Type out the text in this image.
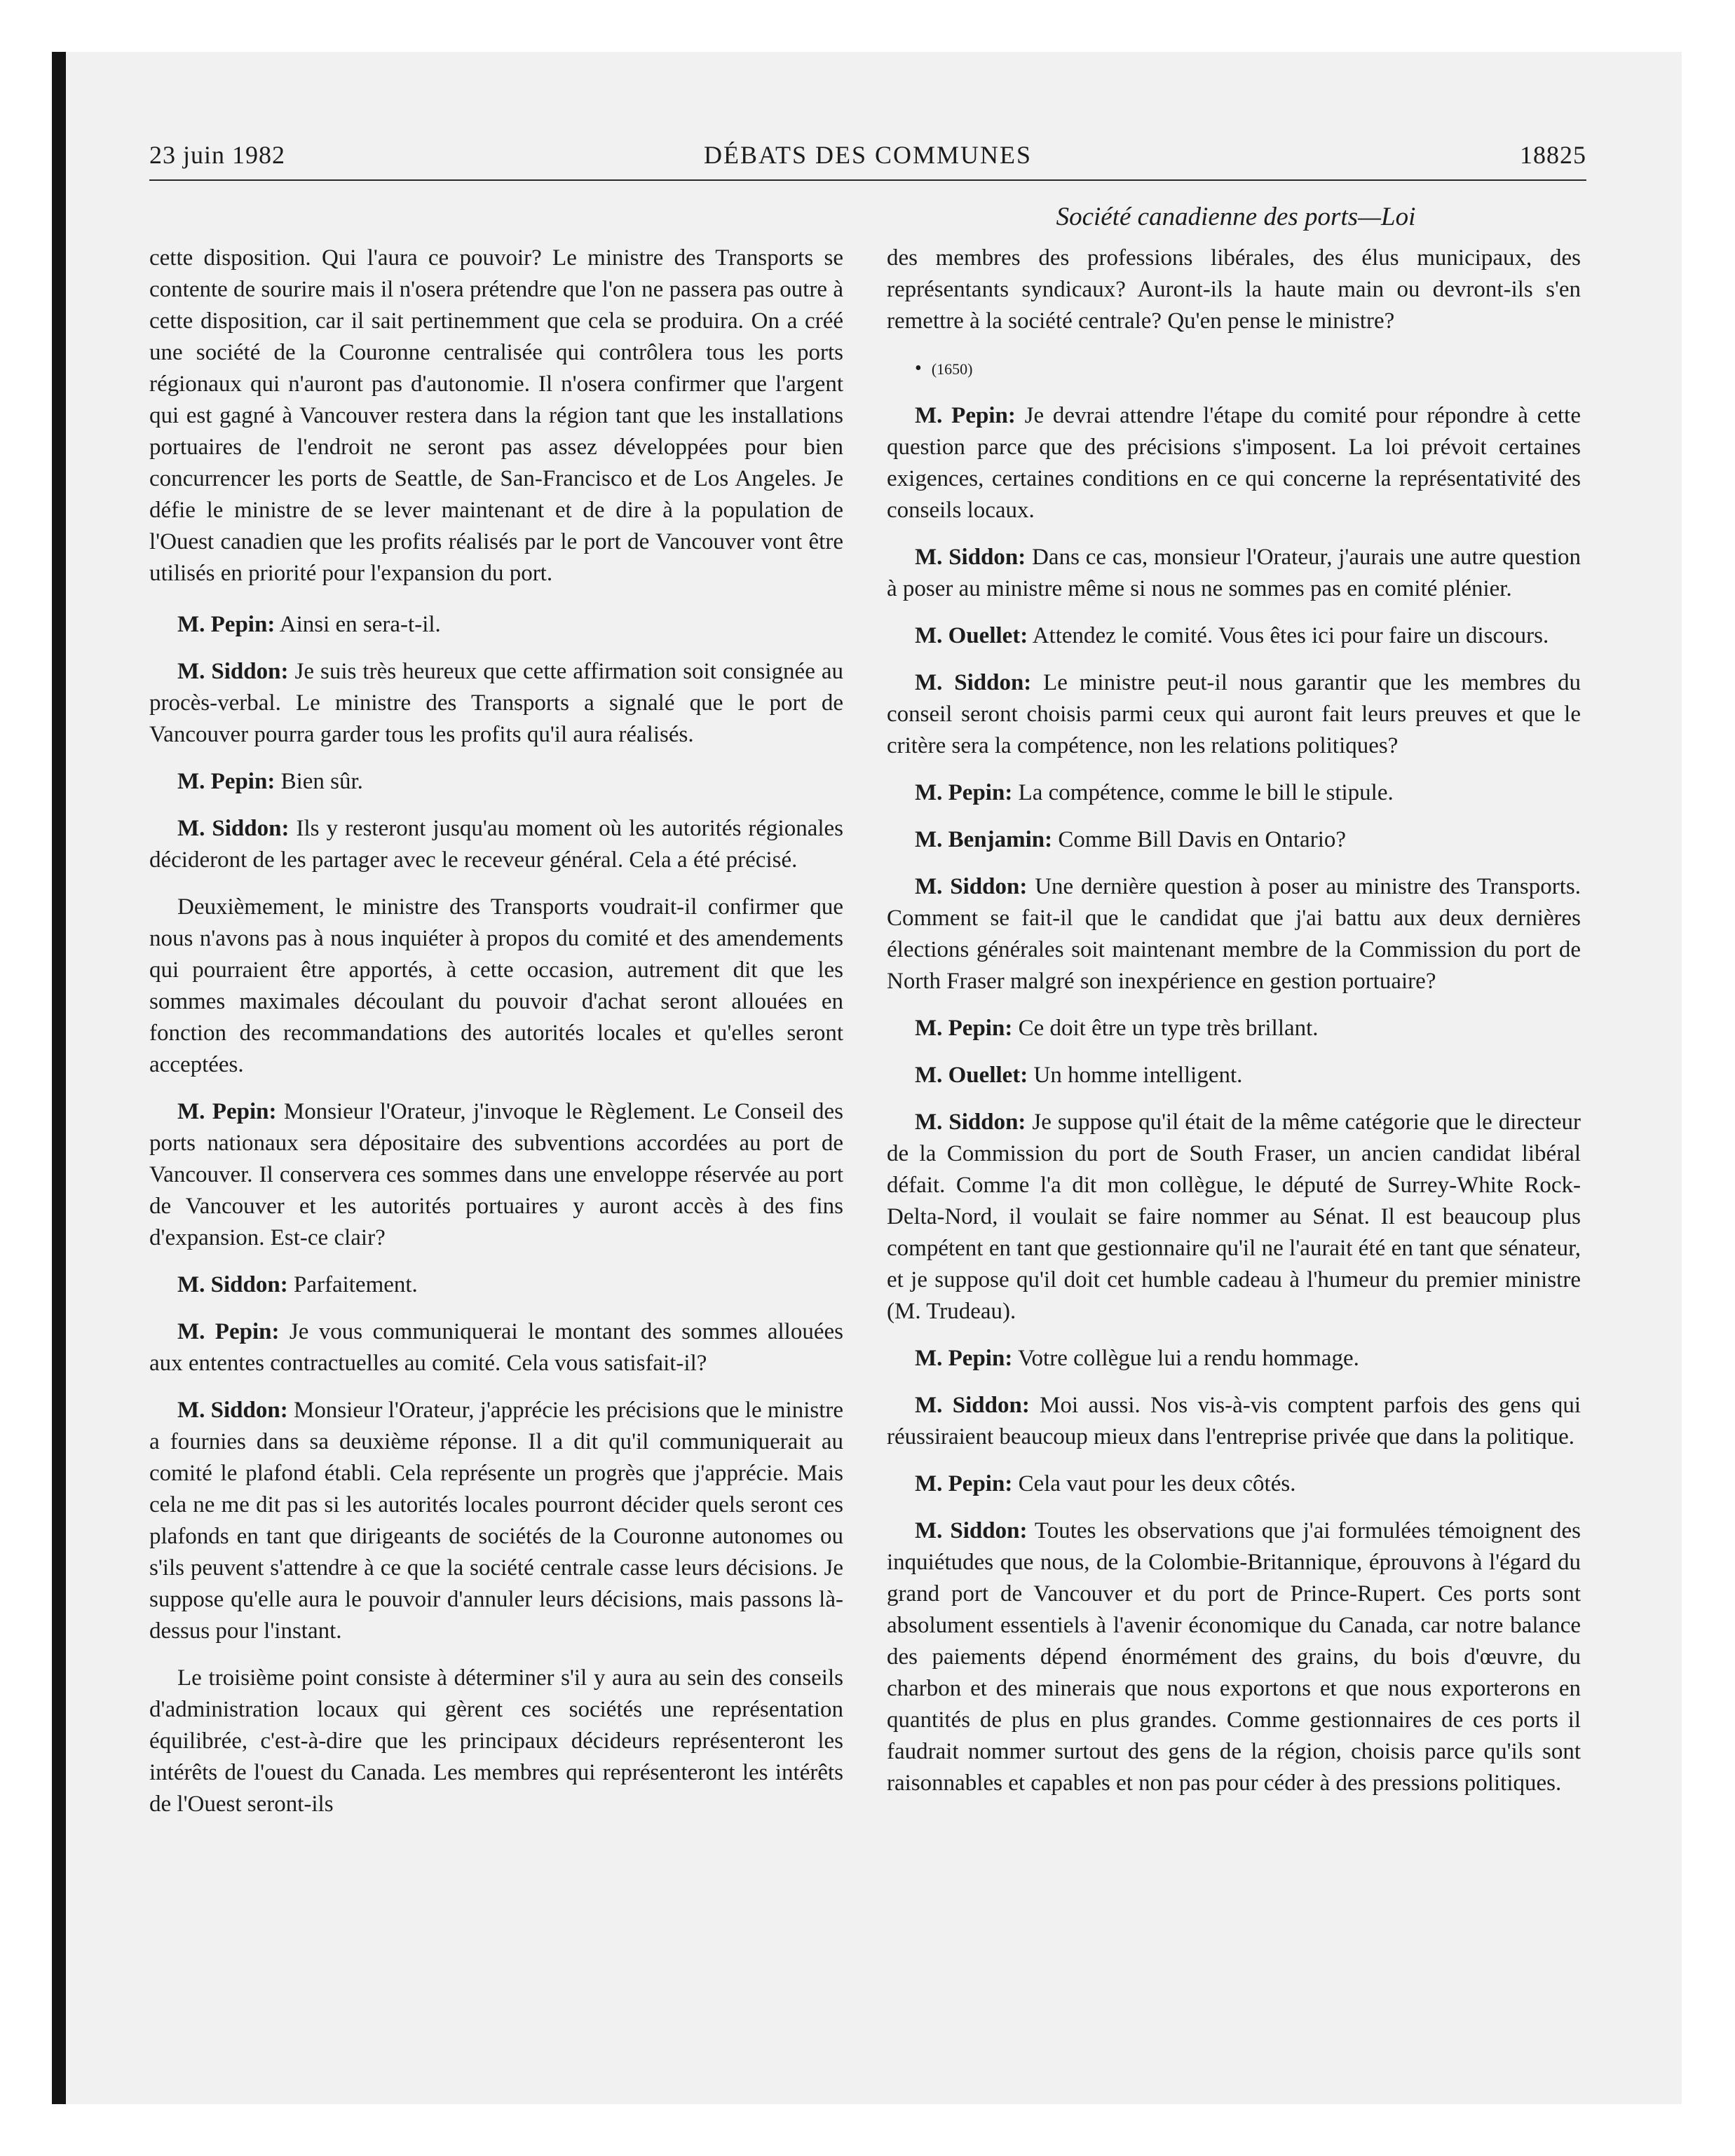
23 juin 1982	DÉBATS DES COMMUNES	18825
Société canadienne des ports—Loi

cette disposition. Qui l'aura ce pouvoir? Le ministre des Transports se contente de sourire mais il n'osera prétendre que l'on ne passera pas outre à cette disposition, car il sait pertinemment que cela se produira. On a créé une société de la Couronne centralisée qui contrôlera tous les ports régionaux qui n'auront pas d'autonomie. Il n'osera confirmer que l'argent qui est gagné à Vancouver restera dans la région tant que les installations portuaires de l'endroit ne seront pas assez développées pour bien concurrencer les ports de Seattle, de San-Francisco et de Los Angeles. Je défie le ministre de se lever maintenant et de dire à la population de l'Ouest canadien que les profits réalisés par le port de Vancouver vont être utilisés en priorité pour l'expansion du port.

M. Pepin: Ainsi en sera-t-il.

M. Siddon: Je suis très heureux que cette affirmation soit consignée au procès-verbal. Le ministre des Transports a signalé que le port de Vancouver pourra garder tous les profits qu'il aura réalisés.

M. Pepin: Bien sûr.

M. Siddon: Ils y resteront jusqu'au moment où les autorités régionales décideront de les partager avec le receveur général. Cela a été précisé.

Deuxièmement, le ministre des Transports voudrait-il confirmer que nous n'avons pas à nous inquiéter à propos du comité et des amendements qui pourraient être apportés, à cette occasion, autrement dit que les sommes maximales découlant du pouvoir d'achat seront allouées en fonction des recommandations des autorités locales et qu'elles seront acceptées.

M. Pepin: Monsieur l'Orateur, j'invoque le Règlement. Le Conseil des ports nationaux sera dépositaire des subventions accordées au port de Vancouver. Il conservera ces sommes dans une enveloppe réservée au port de Vancouver et les autorités portuaires y auront accès à des fins d'expansion. Est-ce clair?

M. Siddon: Parfaitement.

M. Pepin: Je vous communiquerai le montant des sommes allouées aux ententes contractuelles au comité. Cela vous satisfait-il?

M. Siddon: Monsieur l'Orateur, j'apprécie les précisions que le ministre a fournies dans sa deuxième réponse. Il a dit qu'il communiquerait au comité le plafond établi. Cela représente un progrès que j'apprécie. Mais cela ne me dit pas si les autorités locales pourront décider quels seront ces plafonds en tant que dirigeants de sociétés de la Couronne autonomes ou s'ils peuvent s'attendre à ce que la société centrale casse leurs décisions. Je suppose qu'elle aura le pouvoir d'annuler leurs décisions, mais passons là-dessus pour l'instant.

Le troisième point consiste à déterminer s'il y aura au sein des conseils d'administration locaux qui gèrent ces sociétés une représentation équilibrée, c'est-à-dire que les principaux décideurs représenteront les intérêts de l'ouest du Canada. Les membres qui représenteront les intérêts de l'Ouest seront-ils

des membres des professions libérales, des élus municipaux, des représentants syndicaux? Auront-ils la haute main ou devront-ils s'en remettre à la société centrale? Qu'en pense le ministre?

• (1650)

M. Pepin: Je devrai attendre l'étape du comité pour répondre à cette question parce que des précisions s'imposent. La loi prévoit certaines exigences, certaines conditions en ce qui concerne la représentativité des conseils locaux.

M. Siddon: Dans ce cas, monsieur l'Orateur, j'aurais une autre question à poser au ministre même si nous ne sommes pas en comité plénier.

M. Ouellet: Attendez le comité. Vous êtes ici pour faire un discours.

M. Siddon: Le ministre peut-il nous garantir que les membres du conseil seront choisis parmi ceux qui auront fait leurs preuves et que le critère sera la compétence, non les relations politiques?

M. Pepin: La compétence, comme le bill le stipule.

M. Benjamin: Comme Bill Davis en Ontario?

M. Siddon: Une dernière question à poser au ministre des Transports. Comment se fait-il que le candidat que j'ai battu aux deux dernières élections générales soit maintenant membre de la Commission du port de North Fraser malgré son inexpérience en gestion portuaire?

M. Pepin: Ce doit être un type très brillant.

M. Ouellet: Un homme intelligent.

M. Siddon: Je suppose qu'il était de la même catégorie que le directeur de la Commission du port de South Fraser, un ancien candidat libéral défait. Comme l'a dit mon collègue, le député de Surrey-White Rock-Delta-Nord, il voulait se faire nommer au Sénat. Il est beaucoup plus compétent en tant que gestionnaire qu'il ne l'aurait été en tant que sénateur, et je suppose qu'il doit cet humble cadeau à l'humeur du premier ministre (M. Trudeau).

M. Pepin: Votre collègue lui a rendu hommage.

M. Siddon: Moi aussi. Nos vis-à-vis comptent parfois des gens qui réussiraient beaucoup mieux dans l'entreprise privée que dans la politique.

M. Pepin: Cela vaut pour les deux côtés.

M. Siddon: Toutes les observations que j'ai formulées témoignent des inquiétudes que nous, de la Colombie-Britannique, éprouvons à l'égard du grand port de Vancouver et du port de Prince-Rupert. Ces ports sont absolument essentiels à l'avenir économique du Canada, car notre balance des paiements dépend énormément des grains, du bois d'œuvre, du charbon et des minerais que nous exportons et que nous exporterons en quantités de plus en plus grandes. Comme gestionnaires de ces ports il faudrait nommer surtout des gens de la région, choisis parce qu'ils sont raisonnables et capables et non pas pour céder à des pressions politiques.
